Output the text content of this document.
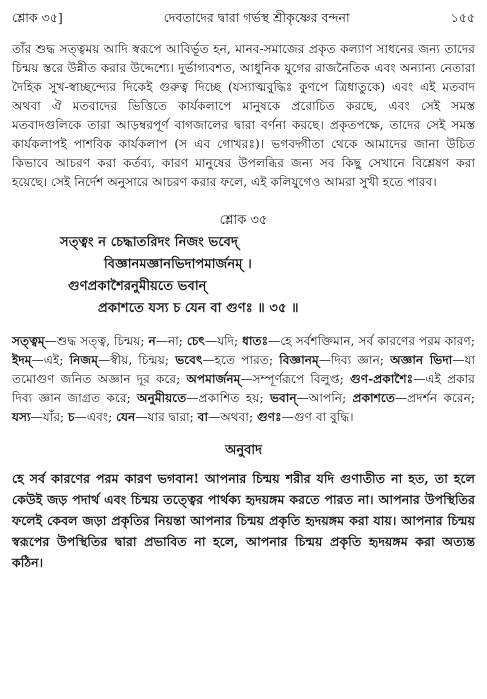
শ্লোক ৩৫]	দেবতাদের দ্বারা গর্ভস্থ শ্রীকৃষ্ণের বন্দনা	১৫৫
তাঁর শুদ্ধ সত্ত্বময় আদি স্বরূপে আবির্ভূত হন, মানব-সমাজের প্রকৃত কল্যাণ সাধনের জন্য তাদের চিন্ময় স্তরে উন্নীত করার উদ্দেশ্যে। দুর্ভাগ্যবশত, আধুনিক যুগের রাজনৈতিক এবং অন্যান্য নেতারা দৈহিক সুখ-স্বাচ্ছন্দ্যের দিকেই গুরুত্ব দিচ্ছে (যস্যাত্মবুদ্ধিঃ কুণপে ত্রিধাতুকে) এবং এই মতবাদ অথবা ঐ মতবাদের ভিত্তিতে কার্যকলাপে মানুষকে প্ররোচিত করছে, এবং সেই সমস্ত মতবাদগুলিকে তারা আড়ম্বরপূর্ণ বাগজালের দ্বারা বর্ণনা করছে। প্রকৃতপক্ষে, তাদের সেই সমস্ত কার্যকলাপই পাশবিক কার্যকলাপ (স এব গোখরঃ)। ভগবদ্গীতা থেকে আমাদের জানা উচিত কিভাবে আচরণ করা কর্তব্য, কারণ মানুষের উপলব্ধির জন্য সব কিছু সেখানে বিশ্লেষণ করা হয়েছে। সেই নির্দেশ অনুসারে আচরণ করার ফলে, এই কলিযুগেও আমরা সুখী হতে পারব।
শ্লোক ৩৫
সত্ত্বং ন চেদ্ধাতরিদং নিজং ভবেদ্
বিজ্ঞানমজ্ঞানভিদাপমার্জনম্ ।
গুণপ্রকাশৈরনুমীয়তে ভবান্
প্রকাশতে যস্য চ যেন বা গুণঃ ॥ ৩৫ ॥
সত্ত্বম্—শুদ্ধ সত্ত্ব, চিন্ময়; ন—না; চেৎ—যদি; ধাতঃ—হে সর্বশক্তিমান, সর্ব কারণের পরম কারণ; ইদম্—এই; নিজম্—স্বীয়, চিন্ময়; ভবেৎ—হতে পারত; বিজ্ঞানম্—দিব্য জ্ঞান; অজ্ঞান ভিদা—যা তমোগুণ জনিত অজ্ঞান দূর করে; অপমার্জনম্—সম্পূর্ণরূপে বিলুপ্ত; গুণ-প্রকাশৈঃ—এই প্রকার দিব্য জ্ঞান জাগ্রত করে; অনুমীয়তে—প্রকাশিত হয়; ভবান্—আপনি; প্রকাশতে—প্রদর্শন করেন; যস্য—যাঁর; চ—এবং; যেন—যার দ্বারা; বা—অথবা; গুণঃ—গুণ বা বুদ্ধি।
অনুবাদ
হে সর্ব কারণের পরম কারণ ভগবান! আপনার চিন্ময় শরীর যদি গুণাতীত না হত, তা হলে কেউই জড় পদার্থ এবং চিন্ময় তত্ত্বের পার্থক্য হৃদয়ঙ্গম করতে পারত না। আপনার উপস্থিতির ফলেই কেবল জড়া প্রকৃতির নিয়ন্তা আপনার চিন্ময় প্রকৃতি হৃদয়ঙ্গম করা যায়। আপনার চিন্ময় স্বরূপের উপস্থিতির দ্বারা প্রভাবিত না হলে, আপনার চিন্ময় প্রকৃতি হৃদয়ঙ্গম করা অত্যন্ত কঠিন।
